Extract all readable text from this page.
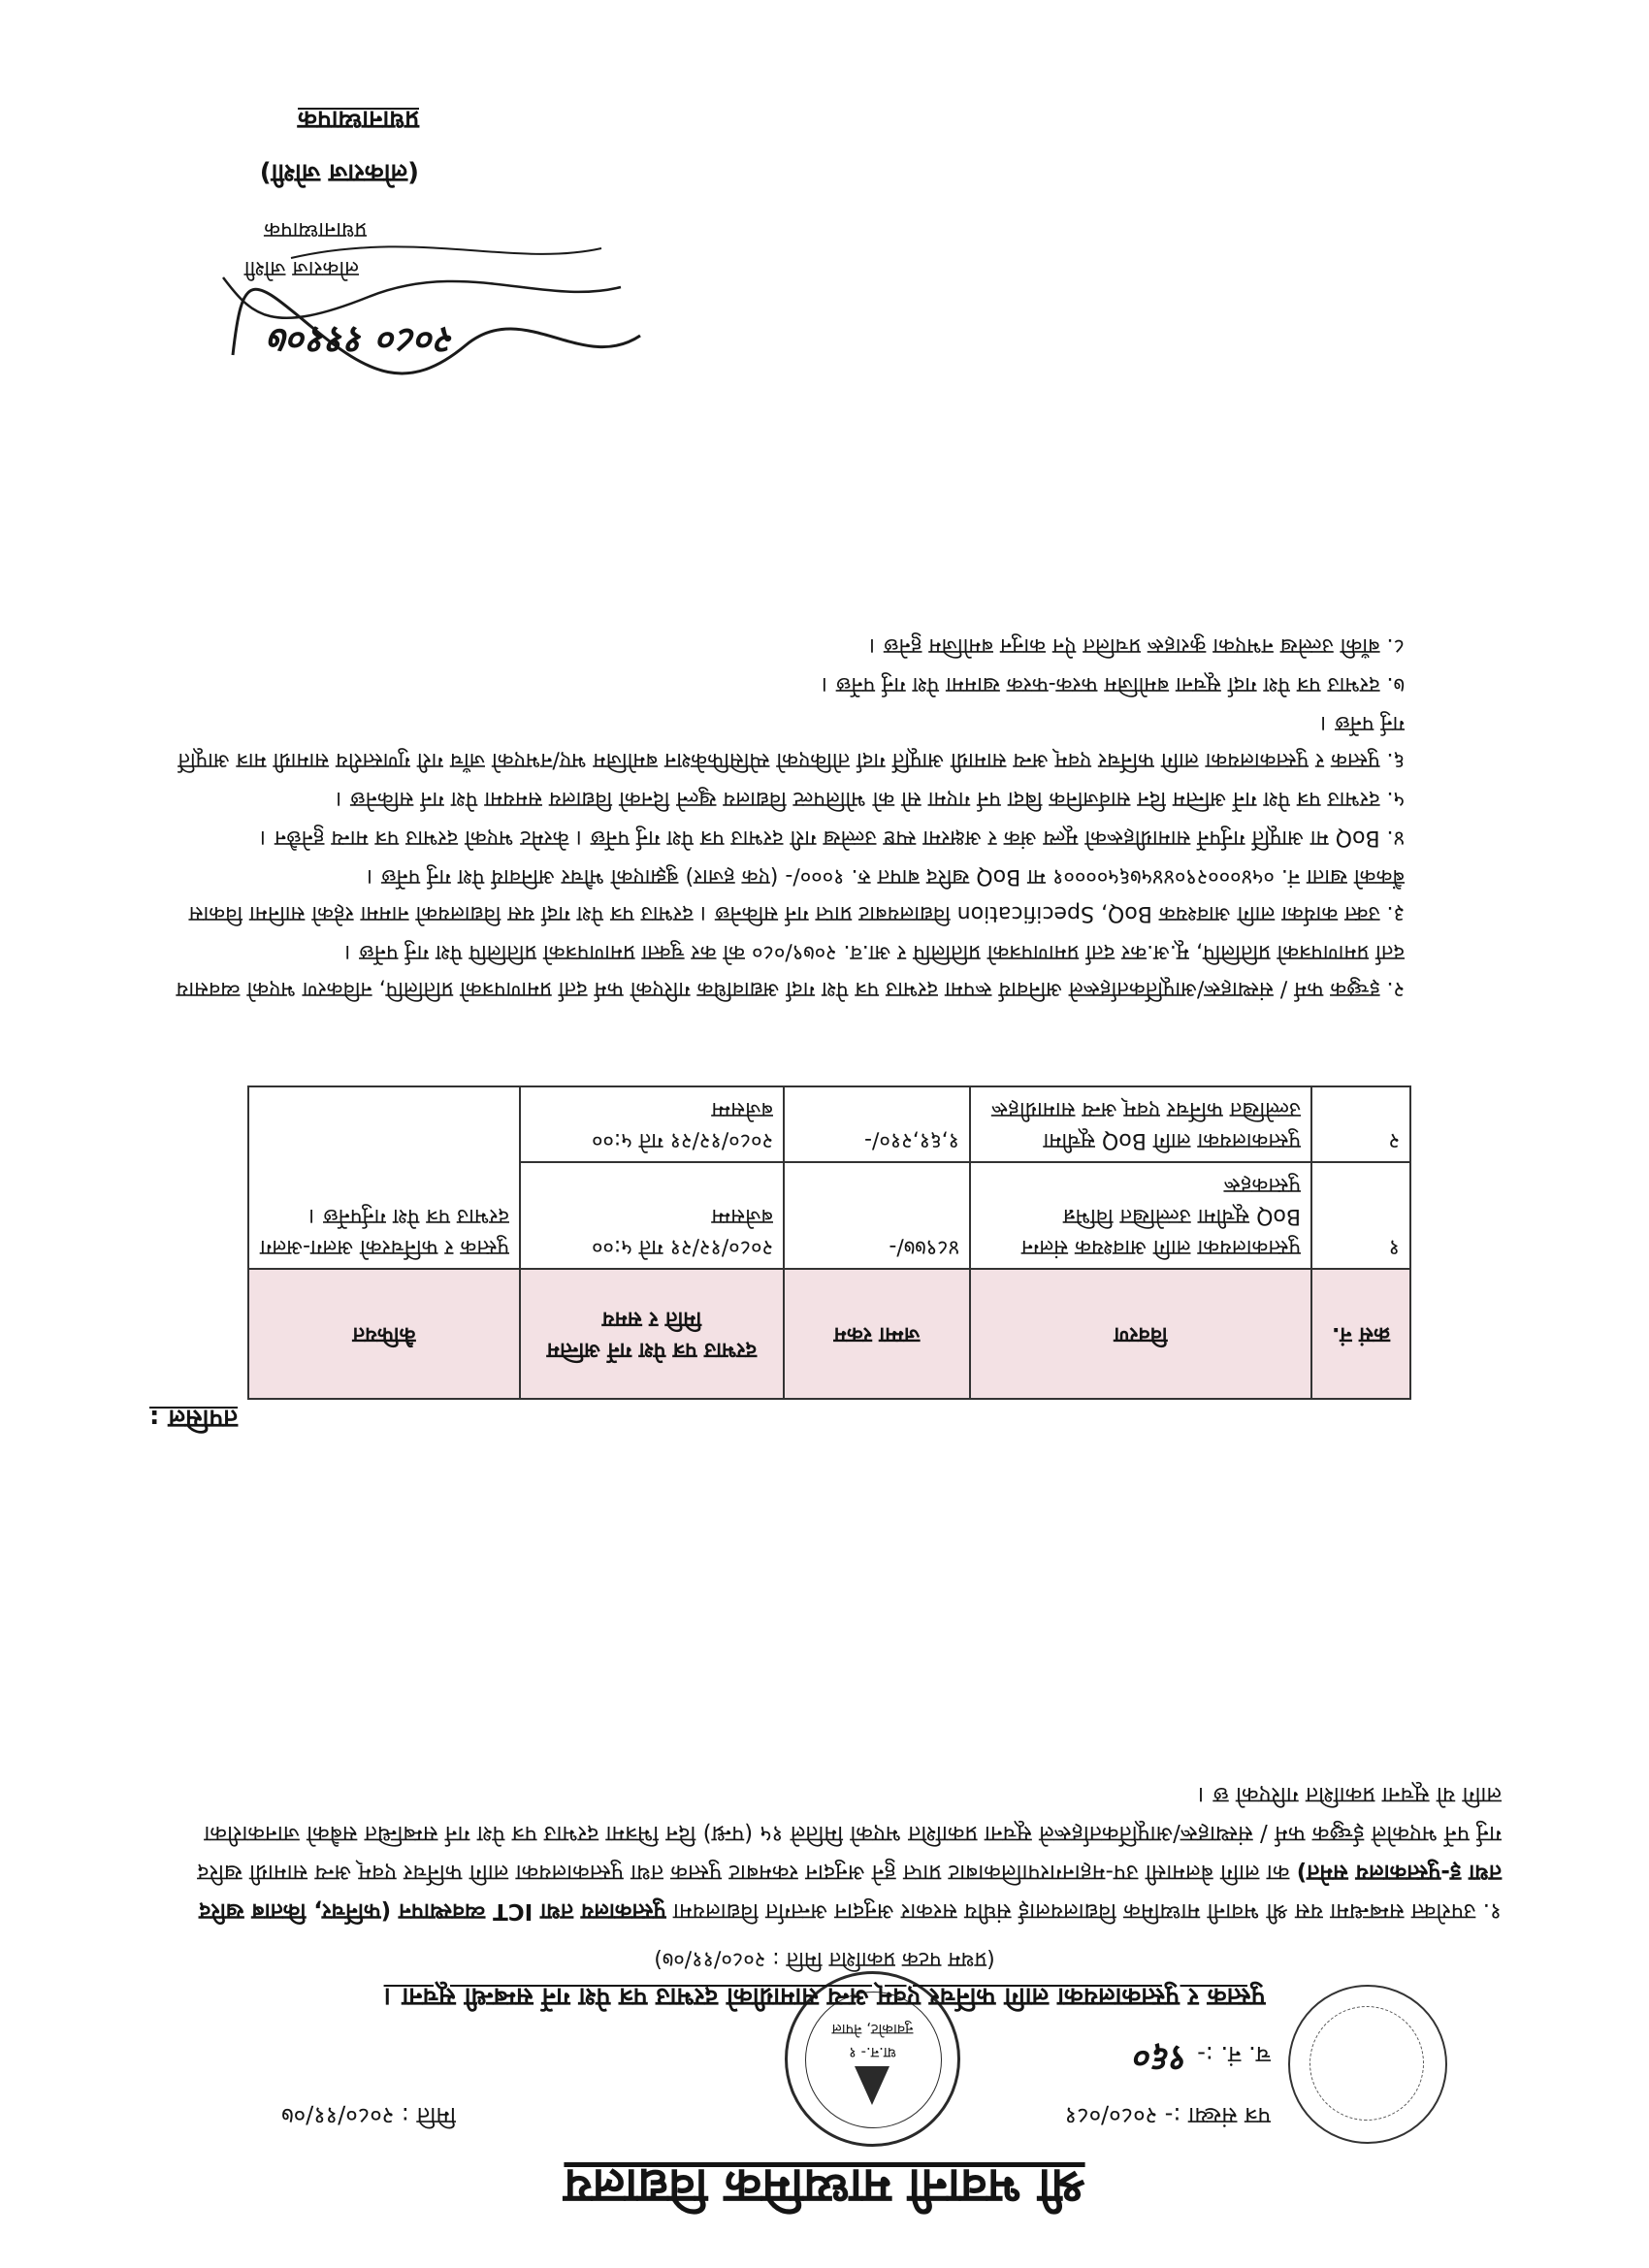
श्री भवानी माध्यमिक विद्यालय
धा.न.- १
नुवाकोट, नेपाल
पत्र संख्या :- २०८०/०८१
च. नं. :- ९६०
मिति : २०८०/११/०७
पुस्तक र पुस्तकालयका लागि फर्निचर एवम् अन्य सामाग्रीको दरभाउ पत्र पेश गर्ने सम्बन्धी सूचना ।
(प्रथम पटक प्रकाशित मिति : २०८०/११/०७)
१. उपरोक्त सम्बन्धमा यस श्री भवानी माध्यमिक विद्यालयलाई संघीय सरकार अनुदान अन्तर्गत विद्यालयमा पुस्तकालय तथा ICT व्यवस्थापन (फर्निचर, किताब खरिद तथा इ-पुस्तकालय समेत) का लागि बेलमासी उप-महानगरपालिकाबाट प्राप्त हुने अनुदान रकमबाट पुस्तक तथा पुस्तकालयका लागि फर्निचर एवम् अन्य सामाग्री खरिद गर्नु पर्ने भएकोले ईच्छुक फर्म / संस्थाहरू/आपूर्तिकर्ताहरूले सूचना प्रकाशित भएको मितिले १५ (पन्ध्र) दिन भित्रमा दरभाउ पत्र पेश गर्न सम्बन्धित सबैको जानकारीका लागि यो सूचना प्रकाशित गरिएको छ ।
तपसिल :
क्रसं नं.	विवरण	जम्मा रकम	दरभाउ पत्र पेश गर्ने अन्तिम मिति र समय	कैफियत
१	पुस्तकालयका लागि आवश्यक संलग्न BoQ सूचीमा उल्लेखित विभिन्न पुस्तकहरू	४८९७७/-	२०८०/१२/२१ गते ५:०० बजेसम्म	पुस्तक र फर्निचरको अलग-अलग दरभाउ पत्र पेश गर्नुपर्नेछ ।
२	पुस्तकालयका लागि BoQ सूचीमा उल्लेखित फर्निचर एवम् अन्य सामाग्रीहरू	१,६१,२१०/-	२०८०/१२/२१ गते ५:०० बजेसम्म	
२. इच्छुक फर्म / संस्थाहरू/आपूर्तिकर्ताहरूले अनिवार्य रूपमा दरभाउ पत्र पेश गर्दा अद्यावधिक गरिएको फर्म दर्ता प्रमाणपत्रको प्रतिलिपि, नविकरण भएको व्यवसाय दर्ता प्रमाणपत्रको प्रतिलिपि, मू.अ.कर दर्ता प्रमाणपत्रको प्रतिलिपि र आ.व. २०७९/०८० को कर चुक्ता प्रमाणपत्रको प्रतिलिपि पेश गर्नु पर्नेछ ।
३. उक्त कार्यका लागि आवश्यक BoQ, Specification विद्यालयबाट प्राप्त गर्न सकिनेछ । दरभाउ पत्र पेश गर्दा यस विद्यालयको नाममा रहेको सानिमा विकास बैंकको खाता नं. ०५४०००२९०४४५७६५००००१ मा BoQ खरिद बापत रु. १०००/- (एक हजार) बुझाएको भौचर अनिवार्य पेश गर्नु पर्नेछ ।
४. BoQ मा आपूर्ति गर्नुपर्ने सामाग्रीहरूको मूल्य अंक र अक्षरमा स्पष्ट उल्लेख गरी दरभाउ पत्र पेश गर्नु पर्नेछ । केरमेट भएको दरभाउ पत्र मान्य हुनेछैन ।
५. दरभाउ पत्र पेश गर्ने अन्तिम दिन सार्वजनिक बिदा पर्न गएमा सो को भोलिपल्ट विद्यालय खुल्ने दिनको विद्यालय समयमा पेश गर्न सकिनेछ ।
६. पुस्तक र पुस्तकालयका लागि फर्निचर एवम् अन्य सामाग्री आपूर्ति गर्दा तोकिएको स्पेसिफिकेशन बमोजिम भए/नभएको जाँच गरी गुणस्तरीय सामाग्री मात्र आपूर्ति गर्नु पर्नेछ ।
७. दरभाउ पत्र पेश गर्दा सूचना बमोजिम फरक-फरक खाममा पेश गर्नु पर्नेछ ।
८. बाँकी उल्लेख नभएका कुराहरू प्रचलित ऐन कानुन बमोजिम हुनेछ ।
२०८० १११०७
लोकराज जोशी
प्रधानाध्यापक
(लोकराज जोशी)
प्रधानाध्यापक
